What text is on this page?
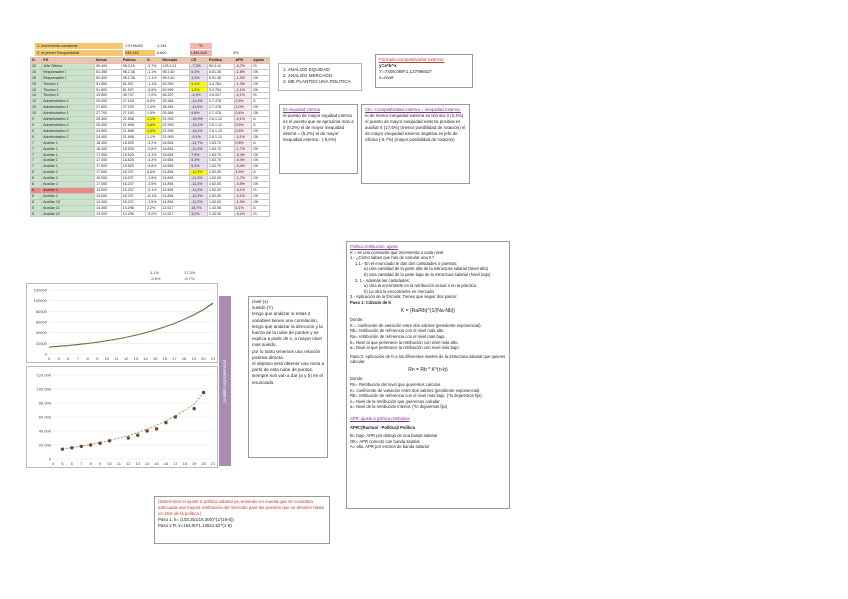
1. Incremento constante	1.3798402	1,149	%
2. el primer Respondable	938.240	6,600	1,384.640	3%
N.	P.E	Ibenat	Politica	D.	Mercado	CE	Politica	APR	Ajuste
20	Jefe Oficina	95.400	98.3.16	-3,7%	125.3.21	-7,3%	95.3.10	-4,7%	IS
16	Responsable I	61.350	98.2.36	-1,1%	98.3.40	5,3%	6.51.46	-1,8%	OK
16	Responsable I	60.400	98.2.36	-1,1%	98.3.40	3,3%	6.51.46	-1,3%	OK
15	Técnico 1	51.800	51.537	-1,1%	52.999	5,1%	3.4.764	-1,3%	OK
15	Técnico 1	51.800	51.537	-5,5%	52.999	1,3%	3.4.764	-1,1%	OK
14	Técnico 2	43.800	45.737	-7,0%	48.257	-4,3%	4.6.517	-0,1%	IS
10	Administrativo 1	29.000	27.193	6,6%	35.364	-11,4%	2.7.478	2,6%	A
10	Administrativo 1	27.600	27.193	2,0%	35.364	-11,5%	2.7.478	2,0%	OK
10	Administrativo 1	27.700	27.193	1,0%	25.364	9,6%	2.7.478	0,4%	OK
9	Administrativo 2	25.300	21.698	1,1%	21.993	-16,9%	2.6.1.12	-0,1%	A
9	Administrativo 2	25.300	21.698	3,6%	21.993	-15,1%	2.6.1.12	0,5%	A
9	Administrativo 2	24.900	21.698	4,0%	21.993	-15,1%	2.6.1.12	0,6%	OK
9	Administrativo 2	24.400	21.698	1,1%	21.993	-9,1%	2.6.1.12	-0,1%	OK
7	Auxiliar 1	18.400	18.525	-3,2%	16.654	-11,7%	1.63.70	0,8%	A
7	Auxiliar 1	18.400	18.525	-2,6%	16.654	-11,3%	1.63.70	-1,7%	OK
7	Auxiliar 1	17.000	18.525	-4,1%	16.654	7,9%	1.63.70	-0,4%	OK
7	Auxiliar 1	17.400	18.525	-4,3%	16.654	5,3%	1.63.70	-0,4%	OK
7	Auxiliar 1	17.000	18.525	-5,6%	16.654	5,3%	1.63.70	-0,4%	OK
6	Auxiliar 2	17.000	16.237	8,6%	14.894	-11,3%	1.62.00	4,5%	A
6	Auxiliar 2	16.000	16.237	-1,5%	14.894	-11,3%	1.62.00	-1,7%	OK
6	Auxiliar 2	17.000	16.237	-3,5%	14.894	-11,3%	1.62.00	-4,9%	OK
6	Auxiliar 2	14.000	16.237	-0,1%	14.894	-11,3%	1.62.00	-0,1%	IS
6	Auxiliar 2	14.000	16.237	-6,1%	14.894	-11,3%	1.62.00	-0,1%	OK
6	Auxiliar 10	14.400	16.237	-1,5%	14.894	-11,3%	1.62.00	-1,0%	OK
5	Auxiliar 11	14.400	14.296	2,2%	12.617	15,7%	1.43.06	2,1%	A
5	Auxiliar 12	13.000	14.296	-9,0%	12.617	3,0%	1.43.06	-9,1%	IS
3,1%
-9,6%
17,3%
-5,7%
1. ANALIZO EQUIDAD
2. ANALIZO MERCADO
3. ME PLANTEO UNA POLITICA
Fórmula competitividad externa:
y=a*b^x
Y=7405,088*1,13799602^
x=nivel
EI=equidad interna
el puesto de mayor equidad interna es el puesto que se aproxima mas a 0 (0,2%) el de mayor inequidad interna = (5,2%) el de mayor inequidad externa - (-9,0%)
CE= Competitividad externa = inequidad externa.
el de menor inequidad externa es técnico 3 (2,4%) el puesto de mayor inequidad externa positiva es auxiliar 6 (17,6%) (menor posibilidad de rotación) el de mayor inequidad externa negativa es jefe de oficina (-5,7%) (mayor posibilidad de rotación)
0
20000
40000
60000
80000
100000
120000
4 5 6 7 8 9 10 11 12 13 14 15 16 17 18 19 20 21
0
20.000
40.000
60.000
80.000
100.000
120.000
4 5 6 7 8 9 10 11 12 13 14 15 16 17 18 19 20 21
modelo exponencial
nivel (x)
sueldo (Y)
tengo que analizar si estas 2 variables tienen una correlación, tengo que analizar la dirección y la fuerza de la nube de puntos y se explica a partir de x, a mayor nivel mas sueldo.
por lo tanto tenemos una relación positiva directa.
el objetivo será obtener una recta a partir de esta nube de puntos.
siempre nos van a dar (a y b) en el enunciado.
(Determinar el ajuste a política salarial ya, teniendo en cuenta que se considera adecuada una mejora retribución del mercado para las puestos que se desvíen hasta un 15% de la política.)
Paso 1: k= (103.351/16.300)^(1/(19-6))
Paso 2 R: k=163.00*1,13641.52^(1-6)
Política retribución: ajuste
K = es una constante que incrementa a cada nivel.
1.- ¿Cómo sabes que has de calcular una K?
1.1.- En el enunciado te dan dos cantidades o puestos:
a) Una cantidad de la parte alta de la estructura salarial (Nivel alto)
b) Una cantidad de la parte baja de la estructura salarial (Nivel bajo)
2. 1.- Además las cantidades:
a) Una la encontrarle en la retribución actual o en la práctica.
b) La otra la encontraréis en mercado
2.- Aplicación de la fórmula: Tienes que seguir dos pasos:
Paso 1: Cálculo de K
K = (Ra/Rb)^(1/(Na-Nb))
Donde:
K = coeficiente de variación entre dos valores (pendiente exponencial).
Rb= retribución de referencia con el nivel más alto.
Ra= retribución de referencia con el nivel más bajo.
b= Nivel al que pertenece la retribución con nivel más alto.
a= Nivel al que pertenece la retribución con nivel más bajo.
Paso 2: Aplicación de K a los diferentes niveles de la estructura salarial que quieres calcular.
Rn = Rb * K^(n-b)
Donde:
Rn= Retribución del nivel que queremos calcular.
K= coeficiente de variación entre dos valores (pendiente exponencial).
Rb= retribución de referencia con el nivel más bajo. (*lo dejaremos fijo)
n= Nivel de la retribución que queremos calcular.
a= Nivel de la retribución inferior. (*lo dejaremos fijo)
APR: ajuste a política retributiva
APR=(Ractual - Política)/ Política
B= bajo, APR por debajo de una banda salarial
OK= APR correcto con banda salarial
A= alto, APR por encima de banda salarial
